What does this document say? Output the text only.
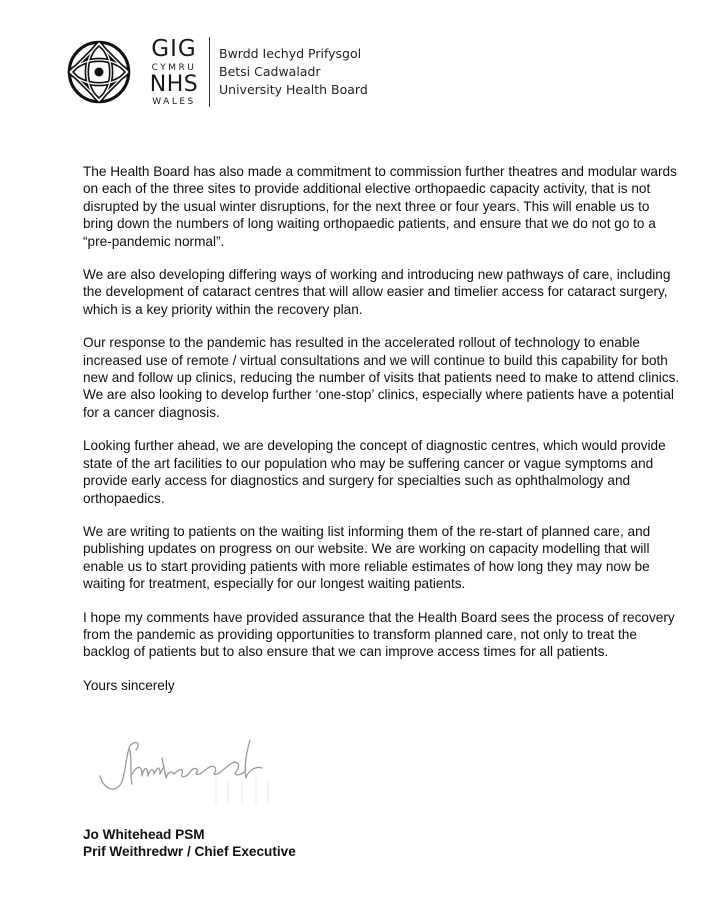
GIG
CYMRU
NHS
WALES
Bwrdd Iechyd Prifysgol
Betsi Cadwaladr
University Health Board

The Health Board has also made a commitment to commission further theatres and modular wards on each of the three sites to provide additional elective orthopaedic capacity activity, that is not disrupted by the usual winter disruptions, for the next three or four years. This will enable us to bring down the numbers of long waiting orthopaedic patients, and ensure that we do not go to a “pre-pandemic normal”.

We are also developing differing ways of working and introducing new pathways of care, including the development of cataract centres that will allow easier and timelier access for cataract surgery, which is a key priority within the recovery plan.

Our response to the pandemic has resulted in the accelerated rollout of technology to enable increased use of remote / virtual consultations and we will continue to build this capability for both new and follow up clinics, reducing the number of visits that patients need to make to attend clinics. We are also looking to develop further ‘one-stop’ clinics, especially where patients have a potential for a cancer diagnosis.

Looking further ahead, we are developing the concept of diagnostic centres, which would provide state of the art facilities to our population who may be suffering cancer or vague symptoms and provide early access for diagnostics and surgery for specialties such as ophthalmology and orthopaedics.

We are writing to patients on the waiting list informing them of the re-start of planned care, and publishing updates on progress on our website. We are working on capacity modelling that will enable us to start providing patients with more reliable estimates of how long they may now be waiting for treatment, especially for our longest waiting patients.

I hope my comments have provided assurance that the Health Board sees the process of recovery from the pandemic as providing opportunities to transform planned care, not only to treat the backlog of patients but to also ensure that we can improve access times for all patients.

Yours sincerely

Jo Whitehead PSM
Prif Weithredwr / Chief Executive
